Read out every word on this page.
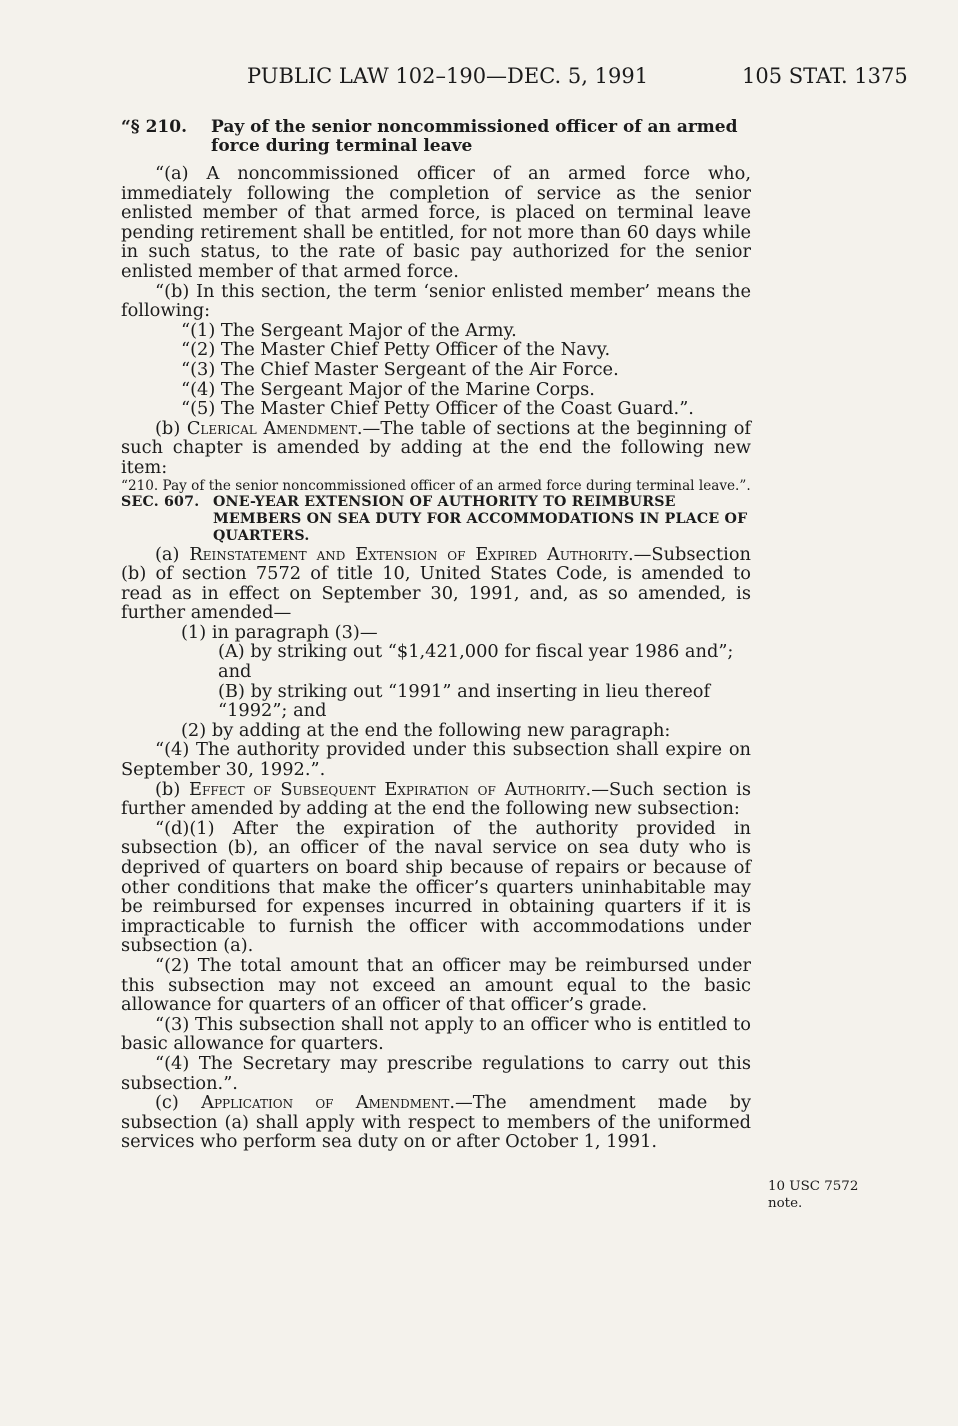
PUBLIC LAW 102–190—DEC. 5, 1991	105 STAT. 1375
“§ 210. Pay of the senior noncommissioned officer of an armed force during terminal leave

“(a) A noncommissioned officer of an armed force who, immediately following the completion of service as the senior enlisted member of that armed force, is placed on terminal leave pending retirement shall be entitled, for not more than 60 days while in such status, to the rate of basic pay authorized for the senior enlisted member of that armed force.

“(b) In this section, the term ‘senior enlisted member’ means the following:

“(1) The Sergeant Major of the Army.

“(2) The Master Chief Petty Officer of the Navy.

“(3) The Chief Master Sergeant of the Air Force.

“(4) The Sergeant Major of the Marine Corps.

“(5) The Master Chief Petty Officer of the Coast Guard.”.

(b) Clerical Amendment.—The table of sections at the beginning of such chapter is amended by adding at the end the following new item:

“210. Pay of the senior noncommissioned officer of an armed force during terminal leave.”.
SEC. 607. ONE-YEAR EXTENSION OF AUTHORITY TO REIMBURSE MEMBERS ON SEA DUTY FOR ACCOMMODATIONS IN PLACE OF QUARTERS.

(a) Reinstatement and Extension of Expired Authority.—Subsection (b) of section 7572 of title 10, United States Code, is amended to read as in effect on September 30, 1991, and, as so amended, is further amended—

(1) in paragraph (3)—

(A) by striking out “$1,421,000 for fiscal year 1986 and”; and

(B) by striking out “1991” and inserting in lieu thereof “1992”; and

(2) by adding at the end the following new paragraph:

“(4) The authority provided under this subsection shall expire on September 30, 1992.”.

(b) Effect of Subsequent Expiration of Authority.—Such section is further amended by adding at the end the following new subsection:

“(d)(1) After the expiration of the authority provided in subsection (b), an officer of the naval service on sea duty who is deprived of quarters on board ship because of repairs or because of other conditions that make the officer’s quarters uninhabitable may be reimbursed for expenses incurred in obtaining quarters if it is impracticable to furnish the officer with accommodations under subsection (a).

“(2) The total amount that an officer may be reimbursed under this subsection may not exceed an amount equal to the basic allowance for quarters of an officer of that officer’s grade.

“(3) This subsection shall not apply to an officer who is entitled to basic allowance for quarters.

“(4) The Secretary may prescribe regulations to carry out this subsection.”.

(c) Application of Amendment.—The amendment made by subsection (a) shall apply with respect to members of the uniformed services who perform sea duty on or after October 1, 1991.

10 USC 7572 note.
